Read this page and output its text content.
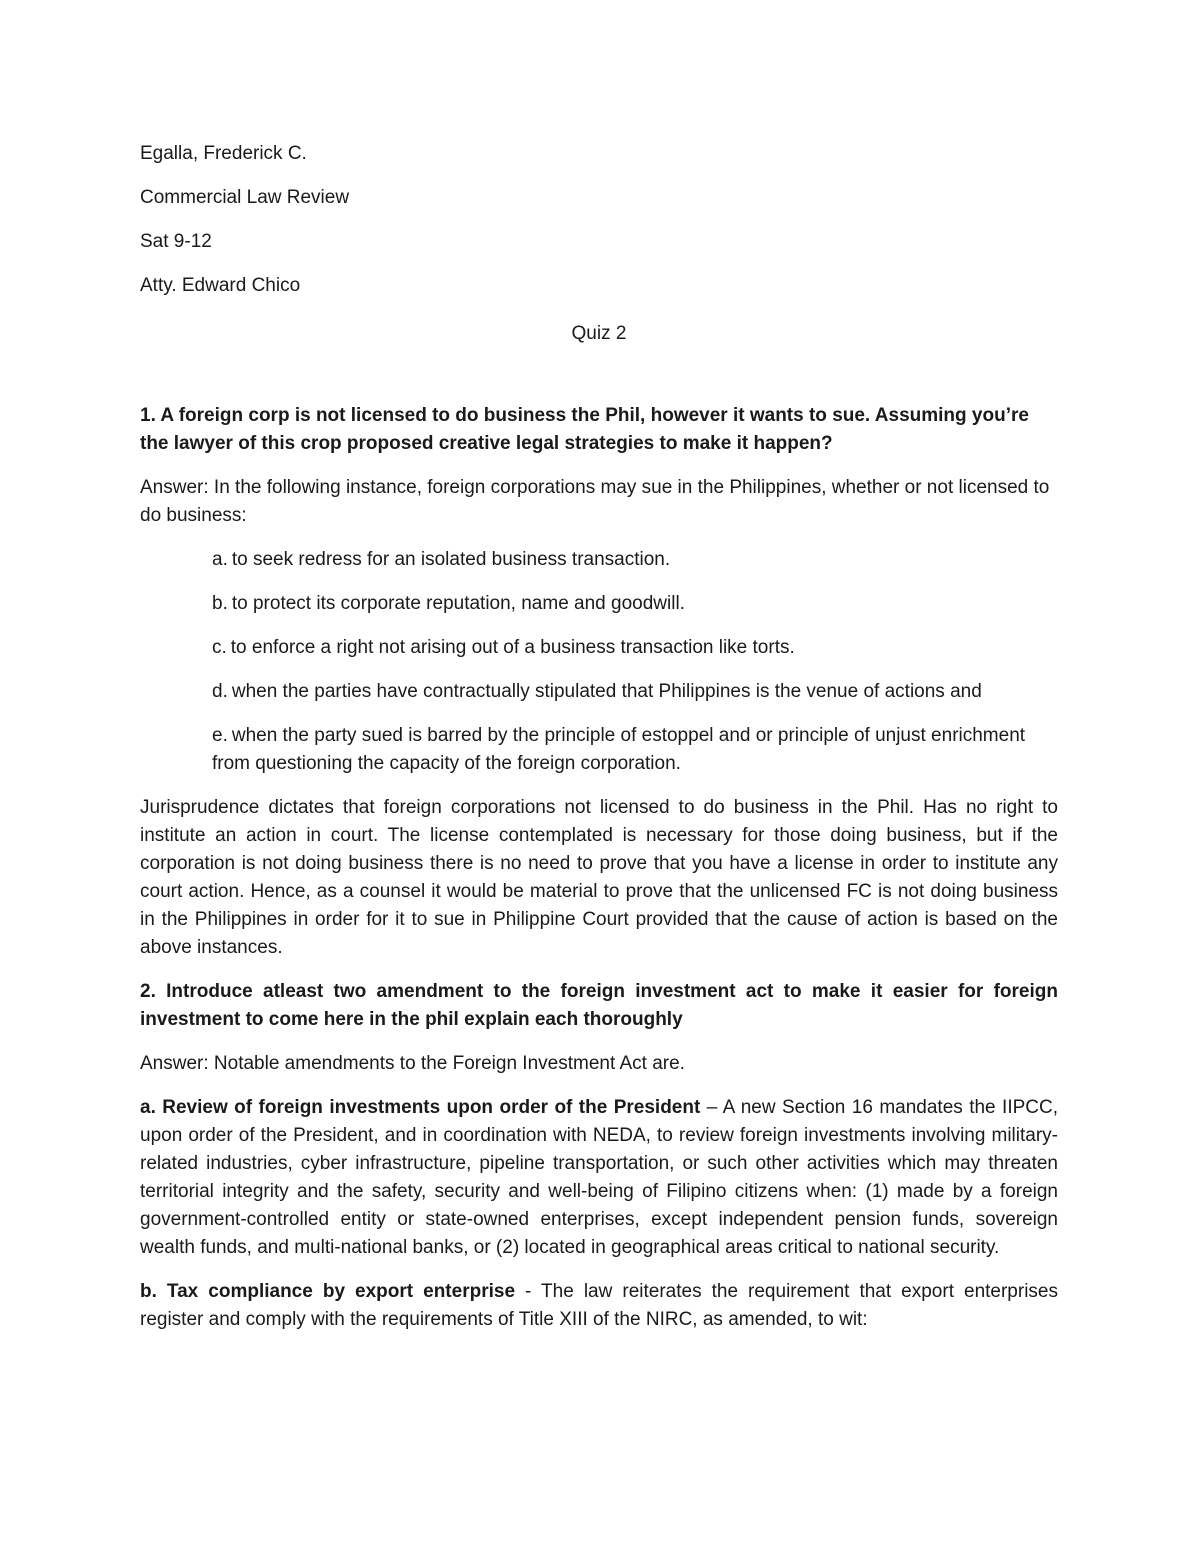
Egalla, Frederick C.
Commercial Law Review
Sat 9-12
Atty. Edward Chico
Quiz 2
1. A foreign corp is not licensed to do business the Phil, however it wants to sue. Assuming you’re the lawyer of this crop proposed creative legal strategies to make it happen?
Answer: In the following instance, foreign corporations may sue in the Philippines, whether or not licensed to do business:
a. to seek redress for an isolated business transaction.
b. to protect its corporate reputation, name and goodwill.
c. to enforce a right not arising out of a business transaction like torts.
d. when the parties have contractually stipulated that Philippines is the venue of actions and
e. when the party sued is barred by the principle of estoppel and or principle of unjust enrichment from questioning the capacity of the foreign corporation.
Jurisprudence dictates that foreign corporations not licensed to do business in the Phil. Has no right to institute an action in court. The license contemplated is necessary for those doing business, but if the corporation is not doing business there is no need to prove that you have a license in order to institute any court action. Hence, as a counsel it would be material to prove that the unlicensed FC is not doing business in the Philippines in order for it to sue in Philippine Court provided that the cause of action is based on the above instances.
2. Introduce atleast two amendment to the foreign investment act to make it easier for foreign investment to come here in the phil explain each thoroughly
Answer: Notable amendments to the Foreign Investment Act are.
a. Review of foreign investments upon order of the President – A new Section 16 mandates the IIPCC, upon order of the President, and in coordination with NEDA, to review foreign investments involving military-related industries, cyber infrastructure, pipeline transportation, or such other activities which may threaten territorial integrity and the safety, security and well-being of Filipino citizens when: (1) made by a foreign government-controlled entity or state-owned enterprises, except independent pension funds, sovereign wealth funds, and multi-national banks, or (2) located in geographical areas critical to national security.
b. Tax compliance by export enterprise - The law reiterates the requirement that export enterprises register and comply with the requirements of Title XIII of the NIRC, as amended, to wit:
